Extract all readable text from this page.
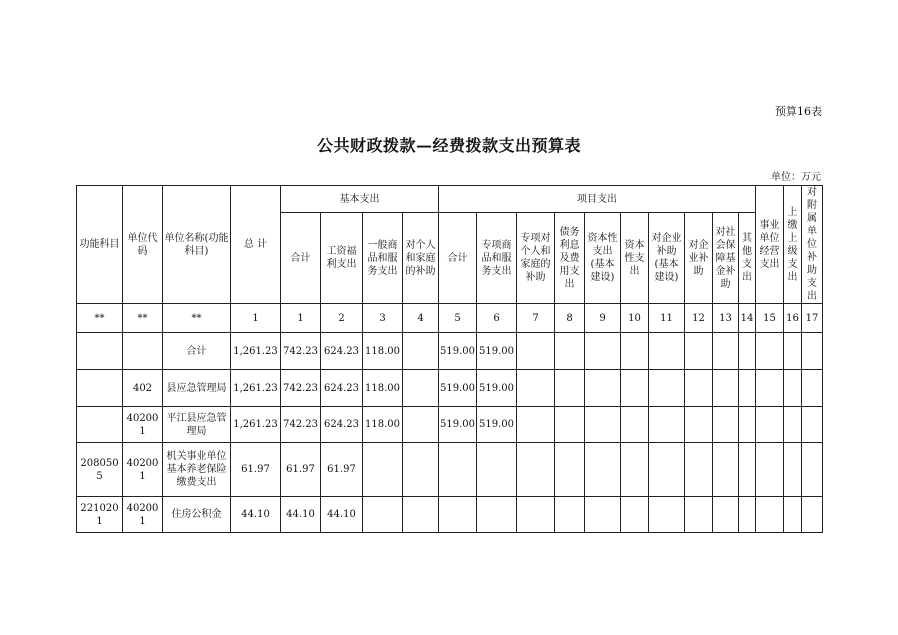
预算16表
公共财政拨款—经费拨款支出预算表
单位：万元
功能科目	单位代码	单位名称(功能科目)	总 计	基本支出				项目支出										事业单位经营支出	上缴上级支出	对附属单位补助支出
				合计	工资福利支出	一般商品和服务支出	对个人和家庭的补助	合计	专项商品和服务支出	专项对个人和家庭的补助	债务利息及费用支出	资本性支出(基本建设)	资本性支出	对企业补助(基本建设)	对企业补助	对社会保障基金补助	其他支出			
**	**	**	1	1	2	3	4	5	6	7	8	9	10	11	12	13	14	15	16	17
		合计	1,261.23	742.23	624.23	118.00		519.00	519.00											
	402	县应急管理局	1,261.23	742.23	624.23	118.00		519.00	519.00											
	402001	平江县应急管理局	1,261.23	742.23	624.23	118.00		519.00	519.00											
2080505	402001	机关事业单位基本养老保险缴费支出	61.97	61.97	61.97															
2210201	402001	住房公积金	44.10	44.10	44.10															
